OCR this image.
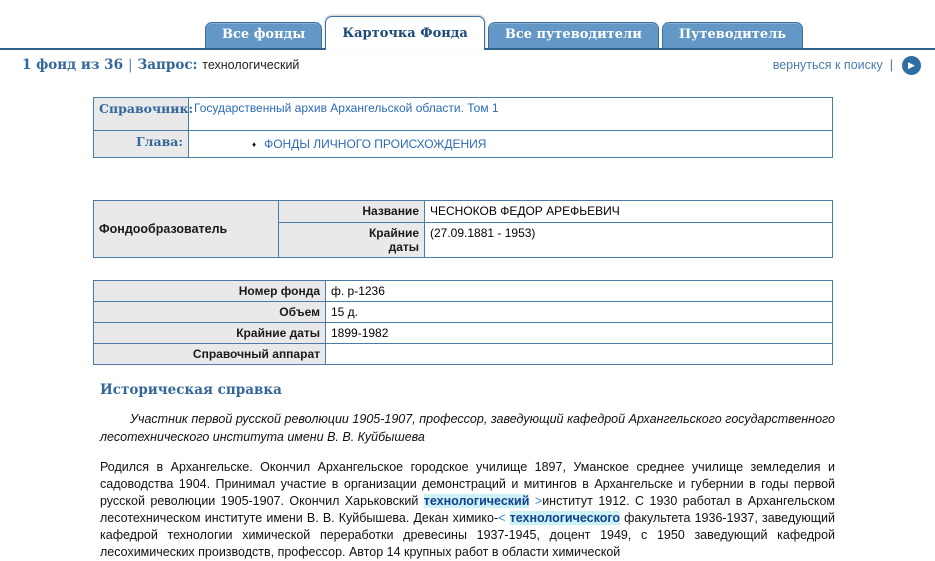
Все фонды	Карточка Фонда	Все путеводители	Путеводитель
1 фонд из 36 | Запрос: технологический	вернуться к поиску |	▶
Справочник:	Государственный архив Архангельской области. Том 1
Глава:	♦ ФОНДЫ ЛИЧНОГО ПРОИСХОЖДЕНИЯ
Фондообразователь	Название	ЧЕСНОКОВ ФЕДОР АРЕФЬЕВИЧ
	Крайние даты	(27.09.1881 - 1953)
Номер фонда	ф. р-1236
Объем	15 д.
Крайние даты	1899-1982
Справочный аппарат	
Историческая справка

Участник первой русской революции 1905-1907, профессор, заведующий кафедрой Архангельского государственного лесотехнического института имени В. В. Куйбышева

Родился в Архангельске. Окончил Архангельское городское училище 1897, Уманское среднее училище земледелия и садоводства 1904. Принимал участие в организации демонстраций и митингов в Архангельске и губернии в годы первой русской революции 1905-1907. Окончил Харьковский технологический >институт 1912. С 1930 работал в Архангельском лесотехническом институте имени В. В. Куйбышева. Декан химико-< технологического факультета 1936-1937, заведующий кафедрой технологии химической переработки древесины 1937-1945, доцент 1949, с 1950 заведующий кафедрой лесохимических производств, профессор. Автор 14 крупных работ в области химической
